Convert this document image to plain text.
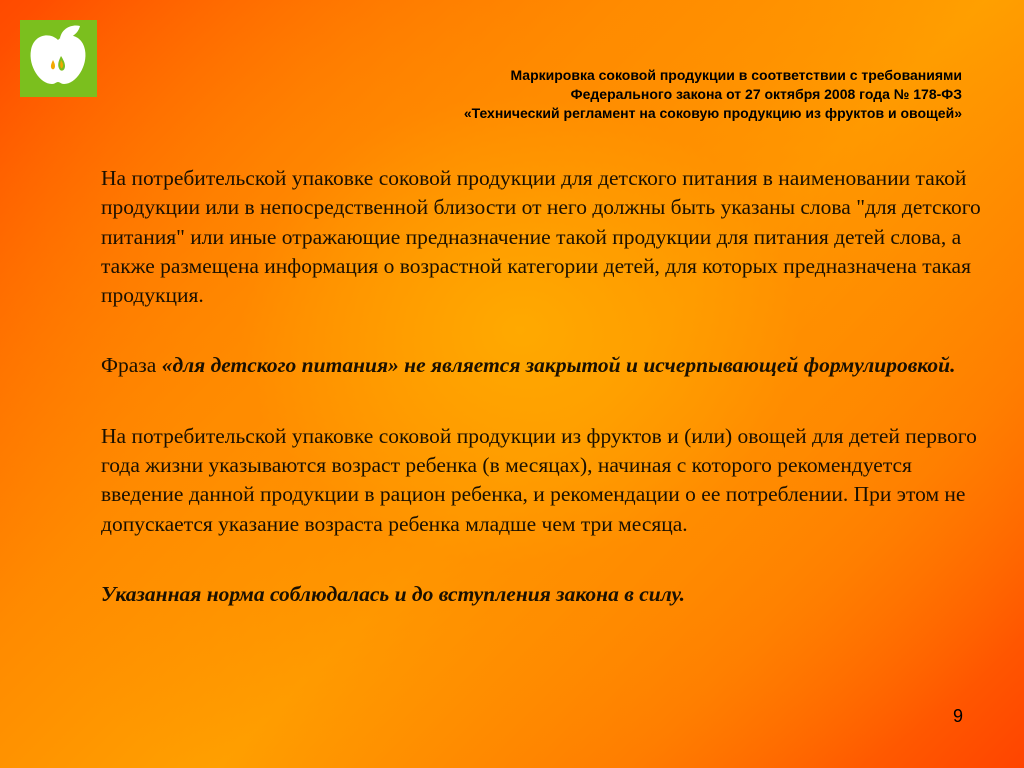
Маркировка соковой продукции в соответствии с требованиями
Федерального закона от 27 октября 2008 года № 178-ФЗ
«Технический регламент на соковую продукцию из фруктов и овощей»

На потребительской упаковке соковой продукции для детского питания в наименовании такой продукции или в непосредственной близости от него должны быть указаны слова "для детского питания" или иные отражающие предназначение такой продукции для питания детей слова, а также размещена информация о возрастной категории детей, для которых предназначена такая продукция.

Фраза «для детского питания» не является закрытой и исчерпывающей формулировкой.

На потребительской упаковке соковой продукции из фруктов и (или) овощей для детей первого года жизни указываются возраст ребенка (в месяцах), начиная с которого рекомендуется введение данной продукции в рацион ребенка, и рекомендации о ее потреблении. При этом не допускается указание возраста ребенка младше чем три месяца.

Указанная норма соблюдалась и до вступления закона в силу.

9
